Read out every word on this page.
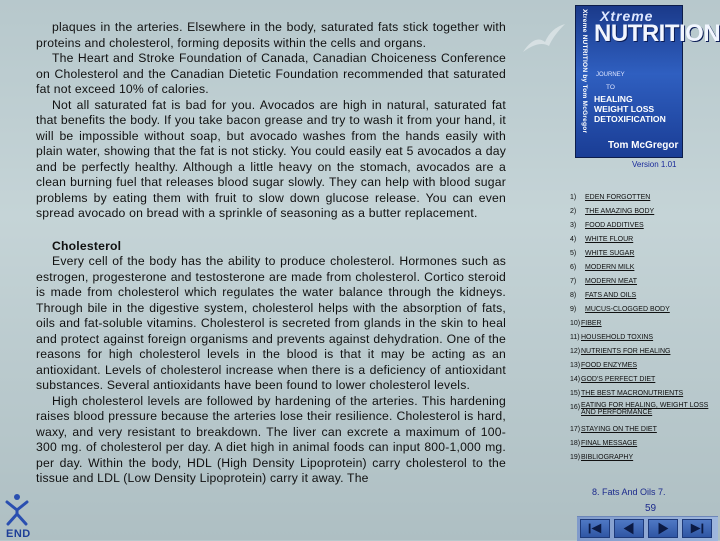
plaques in the arteries. Elsewhere in the body, saturated fats stick together with proteins and cholesterol, forming deposits within the cells and organs.

The Heart and Stroke Foundation of Canada, Canadian Choiceness Conference on Cholesterol and the Canadian Dietetic Foundation recommended that saturated fat not exceed 10% of calories.

Not all saturated fat is bad for you. Avocados are high in natural, saturated fat that benefits the body. If you take bacon grease and try to wash it from your hand, it will be impossible without soap, but avocado washes from the hands easily with plain water, showing that the fat is not sticky. You could easily eat 5 avocados a day and be perfectly healthy. Although a little heavy on the stomach, avocados are a clean burning fuel that releases blood sugar slowly. They can help with blood sugar problems by eating them with fruit to slow down glucose release. You can even spread avocado on bread with a sprinkle of seasoning as a butter replacement.

Cholesterol

Every cell of the body has the ability to produce cholesterol. Hormones such as estrogen, progesterone and testosterone are made from cholesterol. Cortico steroid is made from cholesterol which regulates the water balance through the kidneys. Through bile in the digestive system, cholesterol helps with the absorption of fats, oils and fat-soluble vitamins. Cholesterol is secreted from glands in the skin to heal and protect against foreign organisms and prevents against dehydration. One of the reasons for high cholesterol levels in the blood is that it may be acting as an antioxidant. Levels of cholesterol increase when there is a deficiency of antioxidant substances. Several antioxidants have been found to lower cholesterol levels.

High cholesterol levels are followed by hardening of the arteries. This hardening raises blood pressure because the arteries lose their resilience. Cholesterol is hard, waxy, and very resistant to breakdown. The liver can excrete a maximum of 100-300 mg. of cholesterol per day. A diet high in animal foods can input 800-1,000 mg. per day. Within the body, HDL (High Density Lipoprotein) carry cholesterol to the tissue and LDL (Low Density Lipoprotein) carry it away. The

Xtreme NUTRITION by Tom McGregor Xtreme
NUTRITION
JOURNEY
TO
HEALING
WEIGHT LOSS
DETOXIFICATION
Tom McGregor
Version 1.01
1) EDEN FORGOTTEN
2) THE AMAZING BODY
3) FOOD ADDITIVES
4) WHITE FLOUR
5) WHITE SUGAR
6) MODERN MILK
7) MODERN MEAT
8) FATS AND OILS
9) MUCUS-CLOGGED BODY
10) FIBER
11) HOUSEHOLD TOXINS
12) NUTRIENTS FOR HEALING
13) FOOD ENZYMES
14) GOD'S PERFECT DIET
15) THE BEST MACRONUTRIENTS
16) EATING FOR HEALING, WEIGHT LOSS AND PERFORMANCE
17) STAYING ON THE DIET
18) FINAL MESSAGE
19) BIBLIOGRAPHY
8. Fats And Oils 7.
59
END
